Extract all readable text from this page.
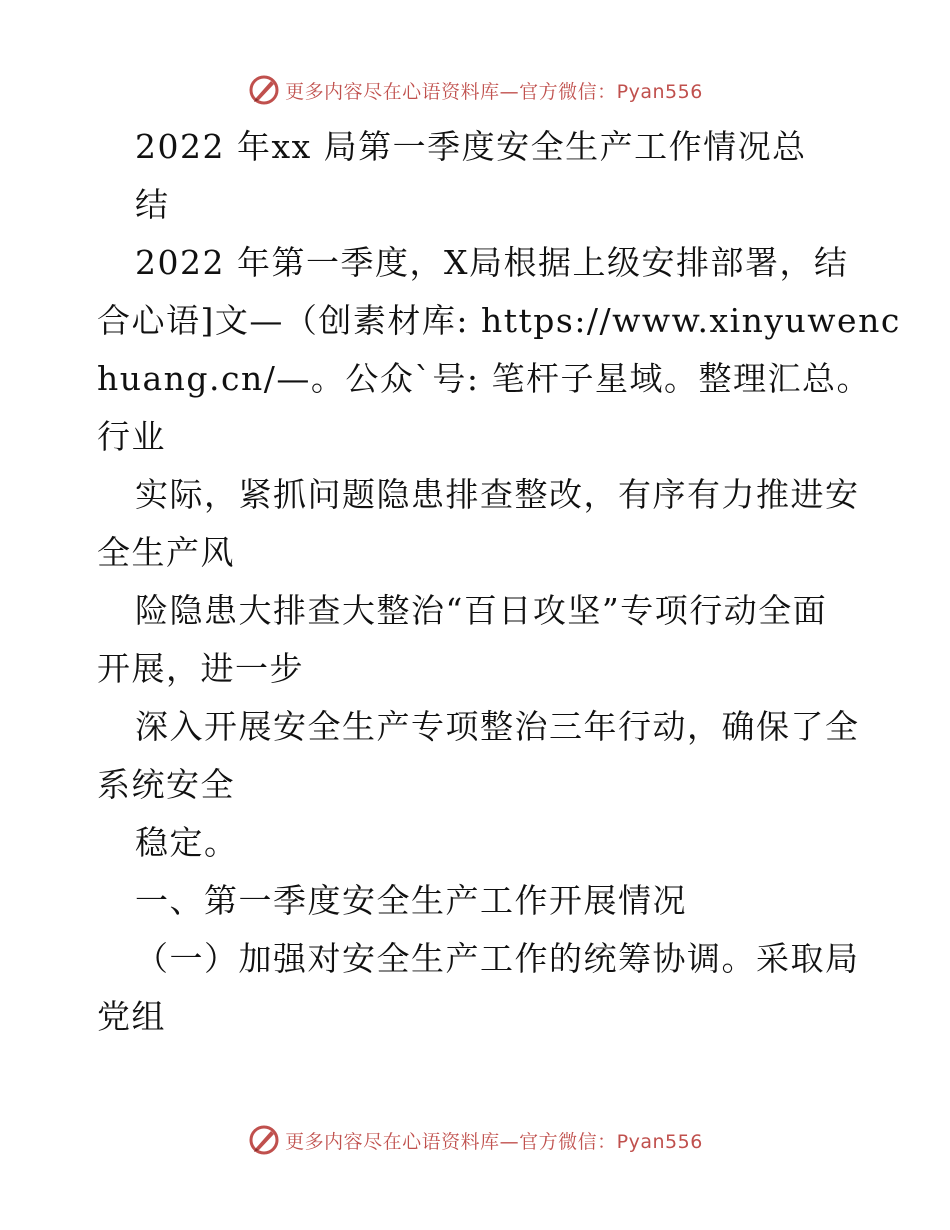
更多内容尽在心语资料库—官方微信：Pyan556
2022 年xx 局第一季度安全生产工作情况总
结
2022 年第一季度，X局根据上级安排部署，结
合心语]文—（创素材库: https://www.xinyuwenc
huang.cn/—。公众`号: 笔杆子星域。整理汇总。
行业
实际，紧抓问题隐患排查整改，有序有力推进安
全生产风
险隐患大排查大整治“百日攻坚”专项行动全面
开展，进一步
深入开展安全生产专项整治三年行动，确保了全
系统安全
稳定。
一、第一季度安全生产工作开展情况
（一）加强对安全生产工作的统筹协调。采取局
党组
更多内容尽在心语资料库—官方微信：Pyan556
